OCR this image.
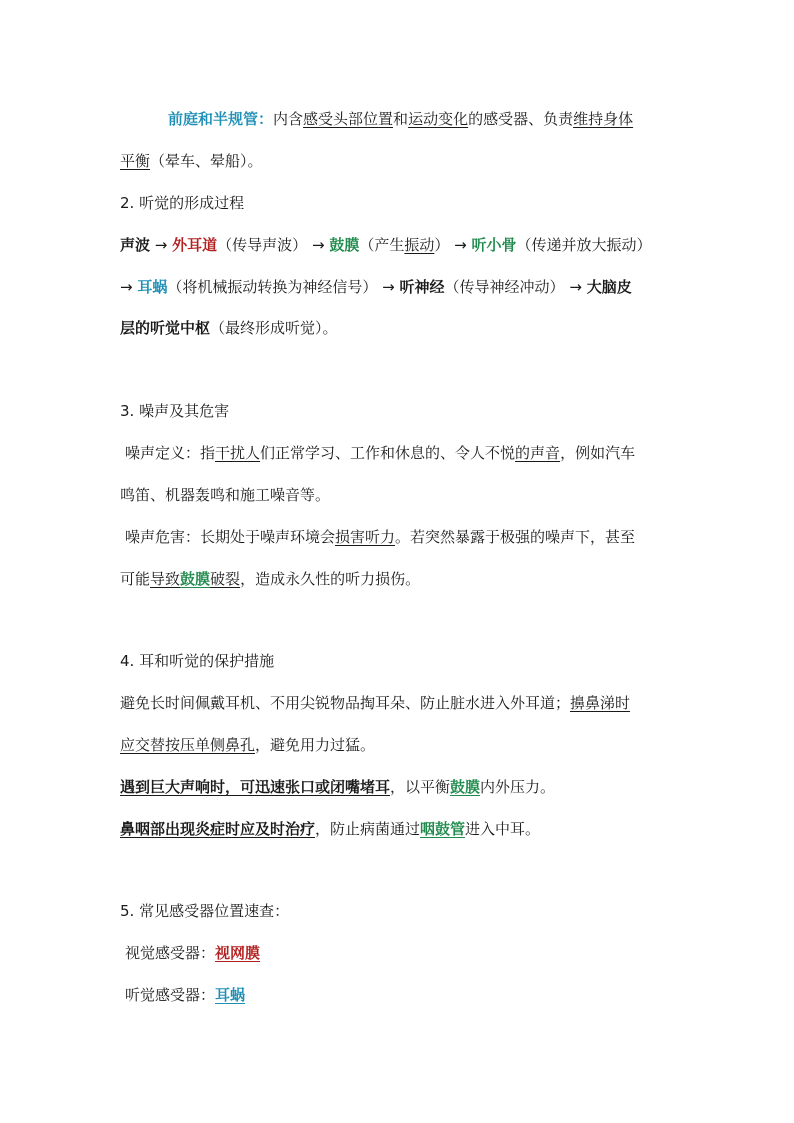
前庭和半规管：内含感受头部位置和运动变化的感受器、负责维持身体
平衡（晕车、晕船）。
2. 听觉的形成过程
声波 → 外耳道（传导声波） → 鼓膜（产生振动） → 听小骨（传递并放大振动）
→ 耳蜗（将机械振动转换为神经信号） → 听神经（传导神经冲动） → 大脑皮
层的听觉中枢（最终形成听觉）。
3. 噪声及其危害
噪声定义：指干扰人们正常学习、工作和休息的、令人不悦的声音，例如汽车
鸣笛、机器轰鸣和施工噪音等。
噪声危害：长期处于噪声环境会损害听力。若突然暴露于极强的噪声下，甚至
可能导致鼓膜破裂，造成永久性的听力损伤。
4. 耳和听觉的保护措施
避免长时间佩戴耳机、不用尖锐物品掏耳朵、防止脏水进入外耳道；擤鼻涕时
应交替按压单侧鼻孔，避免用力过猛。
遇到巨大声响时，可迅速张口或闭嘴堵耳，以平衡鼓膜内外压力。
鼻咽部出现炎症时应及时治疗，防止病菌通过咽鼓管进入中耳。
5. 常见感受器位置速查：
视觉感受器：视网膜
听觉感受器：耳蜗
